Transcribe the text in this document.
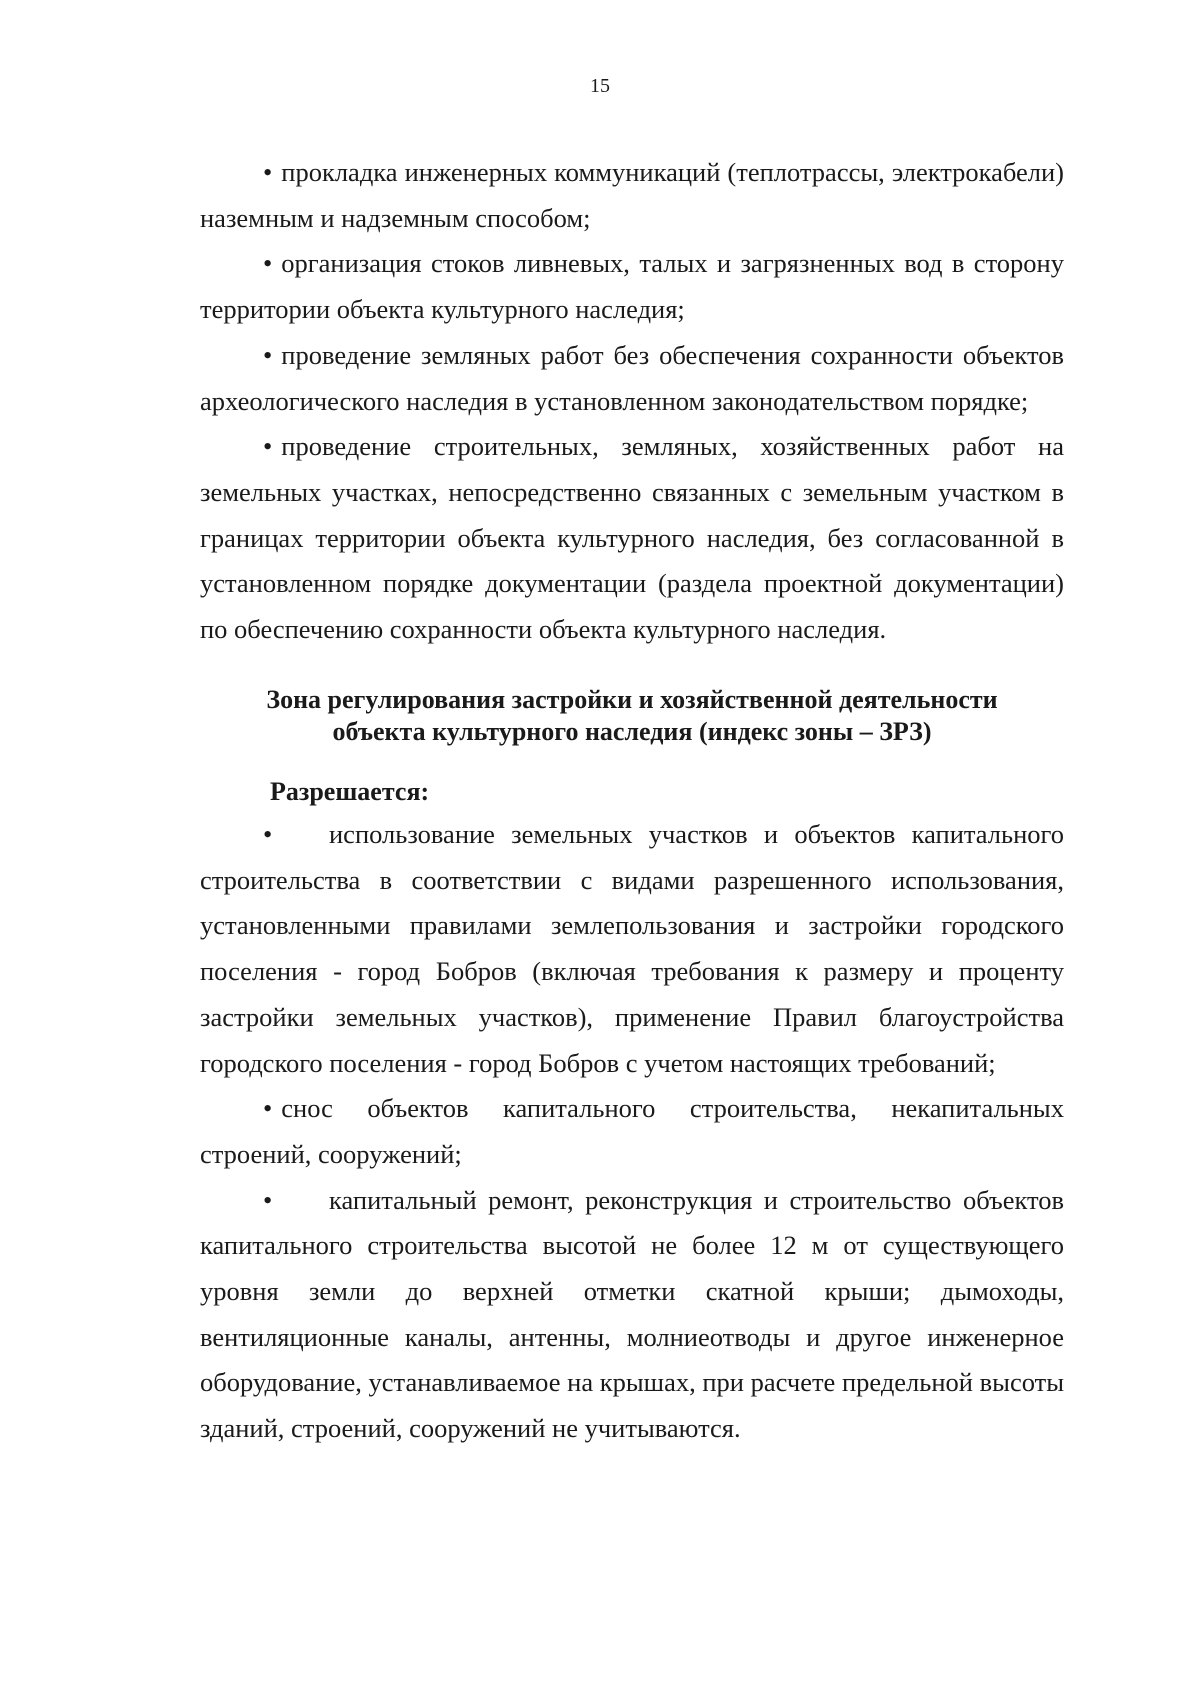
15

• прокладка инженерных коммуникаций (теплотрассы, электрокабели) наземным и надземным способом;

• организация стоков ливневых, талых и загрязненных вод в сторону территории объекта культурного наследия;

• проведение земляных работ без обеспечения сохранности объектов археологического наследия в установленном законодательством порядке;

• проведение строительных, земляных, хозяйственных работ на земельных участках, непосредственно связанных с земельным участком в границах территории объекта культурного наследия, без согласованной в установленном порядке документации (раздела проектной документации) по обеспечению сохранности объекта культурного наследия.

Зона регулирования застройки и хозяйственной деятельности
объекта культурного наследия (индекс зоны – ЗРЗ)

Разрешается:

• использование земельных участков и объектов капитального строительства в соответствии с видами разрешенного использования, установленными правилами землепользования и застройки городского поселения - город Бобров (включая требования к размеру и проценту застройки земельных участков), применение Правил благоустройства городского поселения - город Бобров с учетом настоящих требований;

• снос объектов капитального строительства, некапитальных строений, сооружений;

• капитальный ремонт, реконструкция и строительство объектов капитального строительства высотой не более 12 м от существующего уровня земли до верхней отметки скатной крыши; дымоходы, вентиляционные каналы, антенны, молниеотводы и другое инженерное оборудование, устанавливаемое на крышах, при расчете предельной высоты зданий, строений, сооружений не учитываются.
